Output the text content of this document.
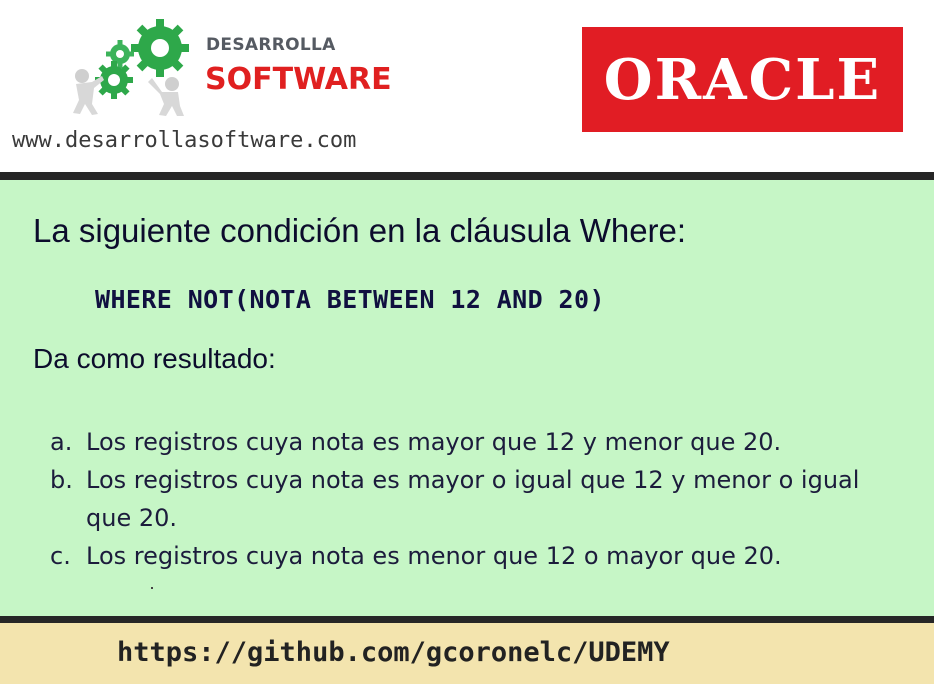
DESARROLLA
SOFTWARE
www.desarrollasoftware.com
ORACLE
La siguiente condición en la cláusula Where:
WHERE NOT(NOTA BETWEEN 12 AND 20)
Da como resultado:
a. Los registros cuya nota es mayor que 12 y menor que 20.
b. Los registros cuya nota es mayor o igual que 12 y menor o igual que 20.
c. Los registros cuya nota es menor que 12 o mayor que 20.
https://github.com/gcoronelc/UDEMY
